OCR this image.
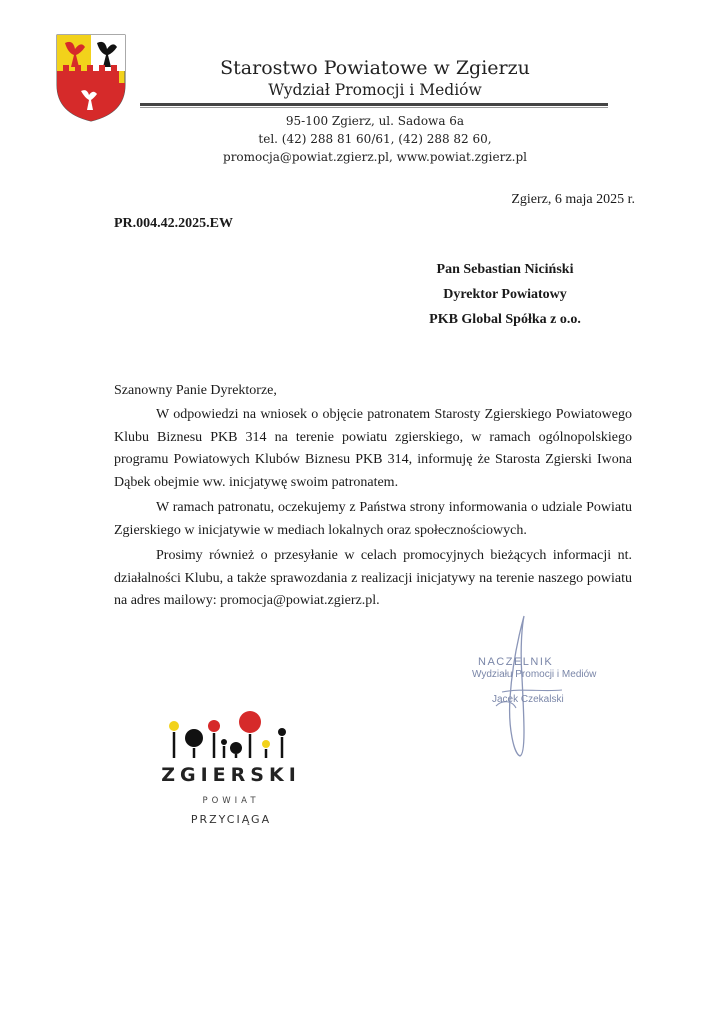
Starostwo Powiatowe w Zgierzu
Wydział Promocji i Mediów
95-100 Zgierz, ul. Sadowa 6a
tel. (42) 288 81 60/61, (42) 288 82 60,
promocja@powiat.zgierz.pl, www.powiat.zgierz.pl
Zgierz, 6 maja 2025 r.
PR.004.42.2025.EW
Pan Sebastian Niciński
Dyrektor Powiatowy
PKB Global Spółka z o.o.
Szanowny Panie Dyrektorze,

W odpowiedzi na wniosek o objęcie patronatem Starosty Zgierskiego Powiatowego Klubu Biznesu PKB 314 na terenie powiatu zgierskiego, w ramach ogólnopolskiego programu Powiatowych Klubów Biznesu PKB 314, informuję że Starosta Zgierski Iwona Dąbek obejmie ww. inicjatywę swoim patronatem.

W ramach patronatu, oczekujemy z Państwa strony informowania o udziale Powiatu Zgierskiego w inicjatywie w mediach lokalnych oraz społecznościowych.

Prosimy również o przesyłanie w celach promocyjnych bieżących informacji nt. działalności Klubu, a także sprawozdania z realizacji inicjatywy na terenie naszego powiatu na adres mailowy: promocja@powiat.zgierz.pl.

NACZELNIK
Wydziału Promocji i Mediów
Jacek Czekalski
ZGIERSKI
POWIAT
PRZYCIĄGA
